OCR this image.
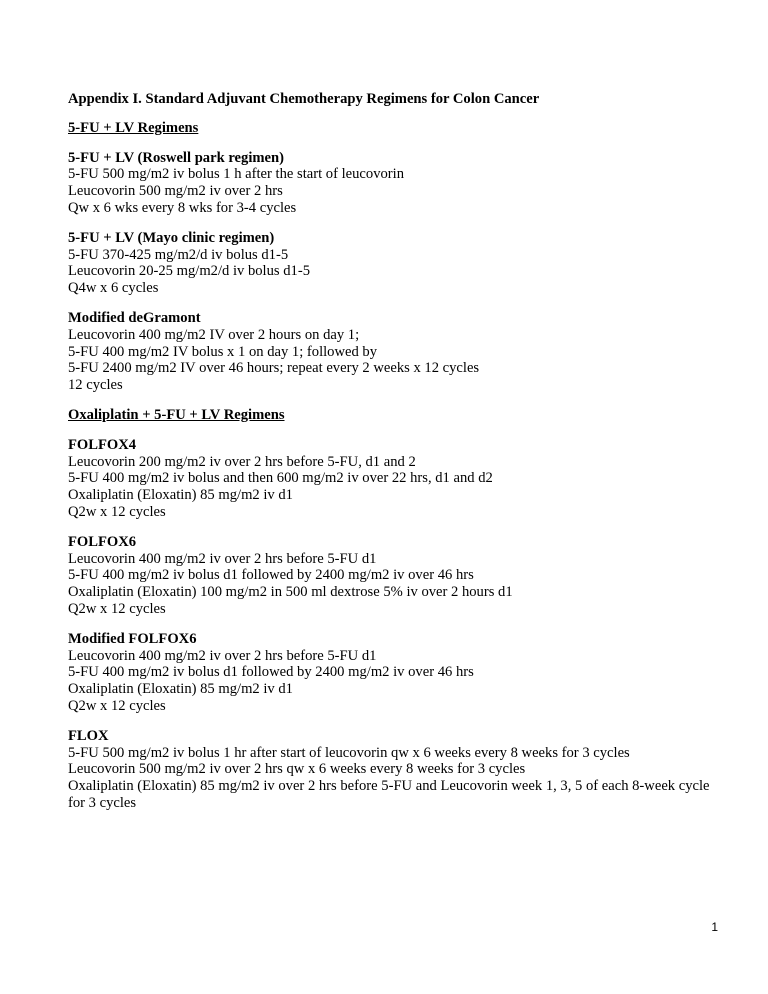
Appendix I. Standard Adjuvant Chemotherapy Regimens for Colon Cancer
5-FU + LV Regimens
5-FU + LV (Roswell park regimen)
5-FU 500 mg/m2 iv bolus 1 h after the start of leucovorin
Leucovorin 500 mg/m2 iv over 2 hrs
Qw x 6 wks every 8 wks for 3-4 cycles
5-FU + LV (Mayo clinic regimen)
5-FU 370-425 mg/m2/d iv bolus d1-5
Leucovorin 20-25 mg/m2/d iv bolus d1-5
Q4w x 6 cycles
Modified deGramont
Leucovorin 400 mg/m2 IV over 2 hours on day 1;
5-FU 400 mg/m2 IV bolus x 1 on day 1; followed by
5-FU 2400 mg/m2 IV over 46 hours; repeat every 2 weeks x 12 cycles
12 cycles
Oxaliplatin + 5-FU + LV Regimens
FOLFOX4
Leucovorin 200 mg/m2 iv over 2 hrs before 5-FU, d1 and 2
5-FU 400 mg/m2 iv bolus and then 600 mg/m2 iv over 22 hrs, d1 and d2
Oxaliplatin (Eloxatin) 85 mg/m2 iv d1
Q2w x 12 cycles
FOLFOX6
Leucovorin 400 mg/m2 iv over 2 hrs before 5-FU d1
5-FU 400 mg/m2 iv bolus d1 followed by 2400 mg/m2 iv over 46 hrs
Oxaliplatin (Eloxatin) 100 mg/m2 in 500 ml dextrose 5% iv over 2 hours d1
Q2w x 12 cycles
Modified FOLFOX6
Leucovorin 400 mg/m2 iv over 2 hrs before 5-FU d1
5-FU 400 mg/m2 iv bolus d1 followed by 2400 mg/m2 iv over 46 hrs
Oxaliplatin (Eloxatin) 85 mg/m2 iv d1
Q2w x 12 cycles
FLOX
5-FU 500 mg/m2 iv bolus 1 hr after start of leucovorin qw x 6 weeks every 8 weeks for 3 cycles
Leucovorin 500 mg/m2 iv over 2 hrs qw x 6 weeks every 8 weeks for 3 cycles
Oxaliplatin (Eloxatin) 85 mg/m2 iv over 2 hrs before 5-FU and Leucovorin week 1, 3, 5 of each 8-week cycle for 3 cycles
1
